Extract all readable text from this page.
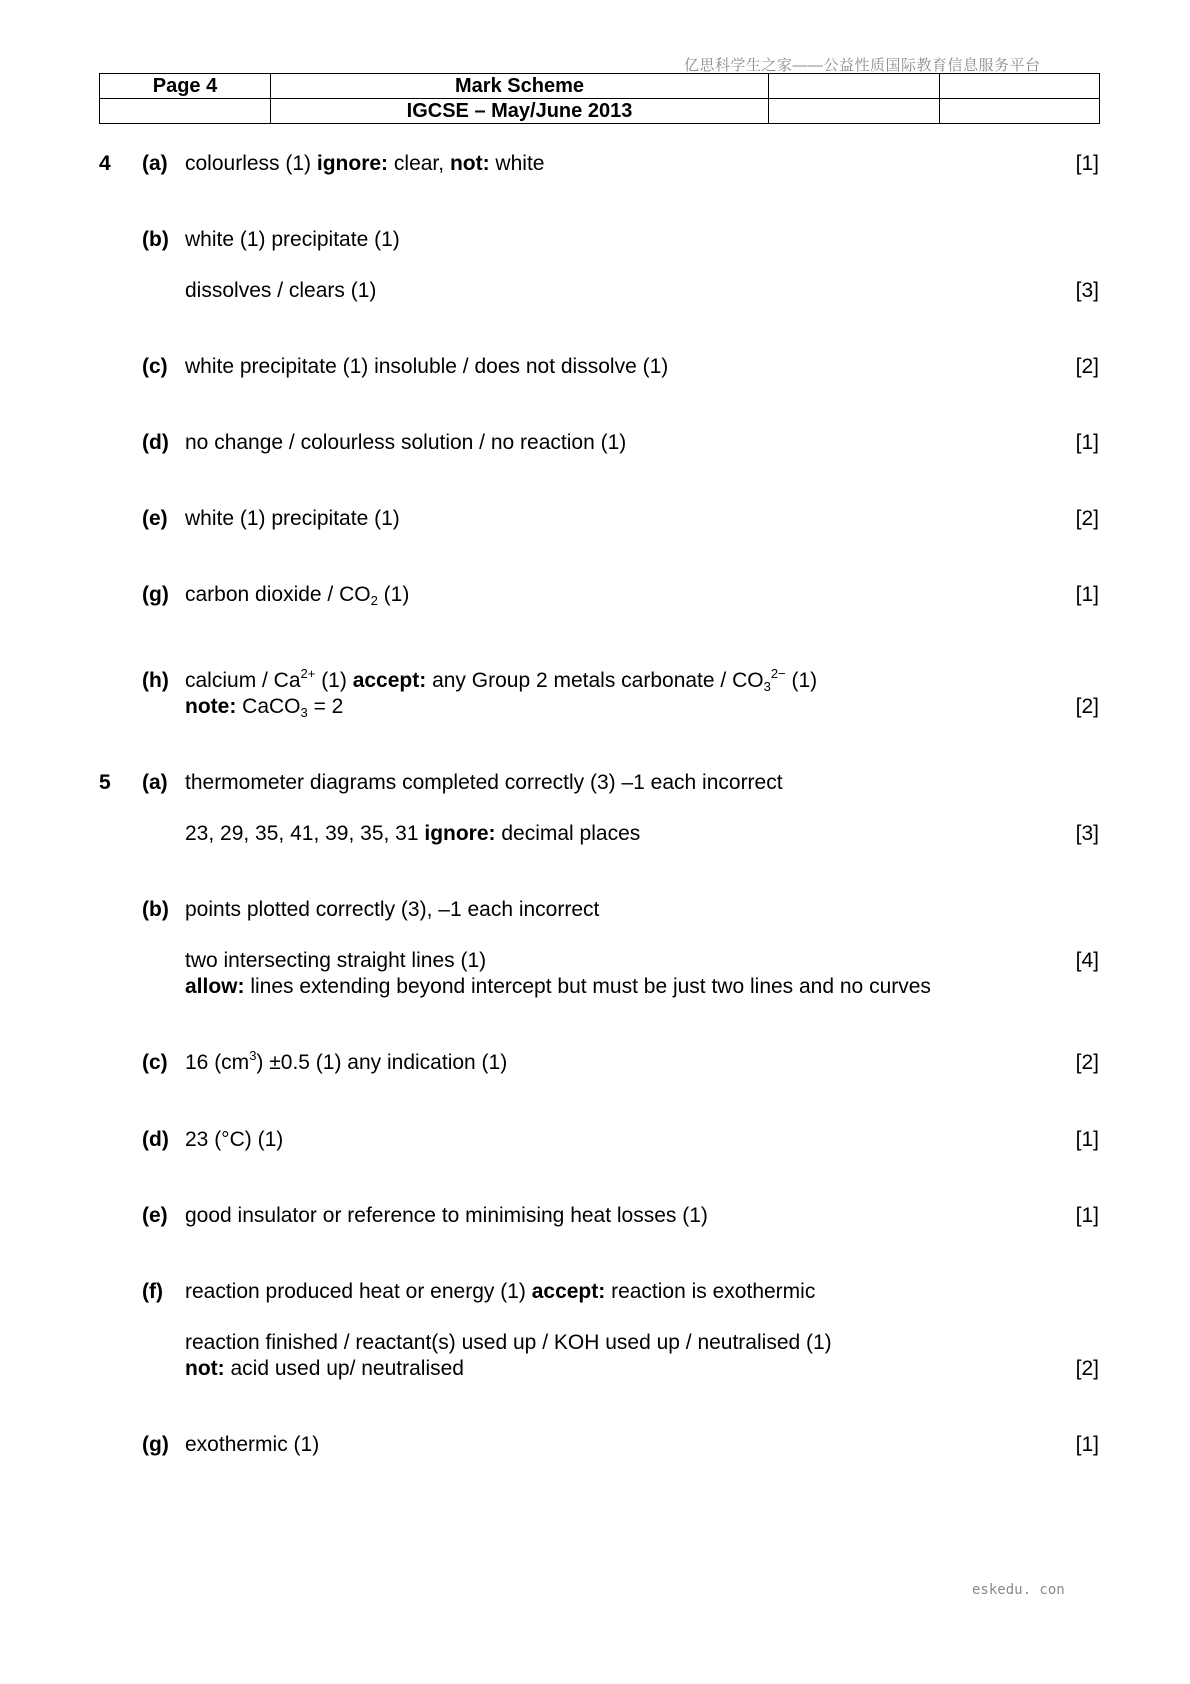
亿思科学生之家——公益性质国际教育信息服务平台
Page 4	Mark Scheme		
	IGCSE – May/June 2013		
4 (a) colourless (1) ignore: clear, not: white	[1]
(b) white (1) precipitate (1)
dissolves / clears (1)	[3]
(c) white precipitate (1) insoluble / does not dissolve (1)	[2]
(d) no change / colourless solution / no reaction (1)	[1]
(e) white (1) precipitate (1)	[2]
(g) carbon dioxide / $CO_2$ (1)	[1]
(h) calcium / $Ca^{2+}$ (1) accept: any Group 2 metals carbonate / $CO_3^{2-}$ (1)
note: CaCO$_3$ = 2	[2]
5 (a) thermometer diagrams completed correctly (3) –1 each incorrect
23, 29, 35, 41, 39, 35, 31 ignore: decimal places	[3]
(b) points plotted correctly (3), –1 each incorrect
two intersecting straight lines (1)	[4]
allow: lines extending beyond intercept but must be just two lines and no curves
(c) 16 $(cm^3) \pm 0.5$ (1) any indication (1)	[2]
(d) 23 (°C) (1)	[1]
(e) good insulator or reference to minimising heat losses (1)	[1]
(f) reaction produced heat or energy (1) accept: reaction is exothermic
reaction finished / reactant(s) used up / KOH used up / neutralised (1)
not: acid used up/ neutralised	[2]
(g) exothermic (1)	[1]
eskedu. con
